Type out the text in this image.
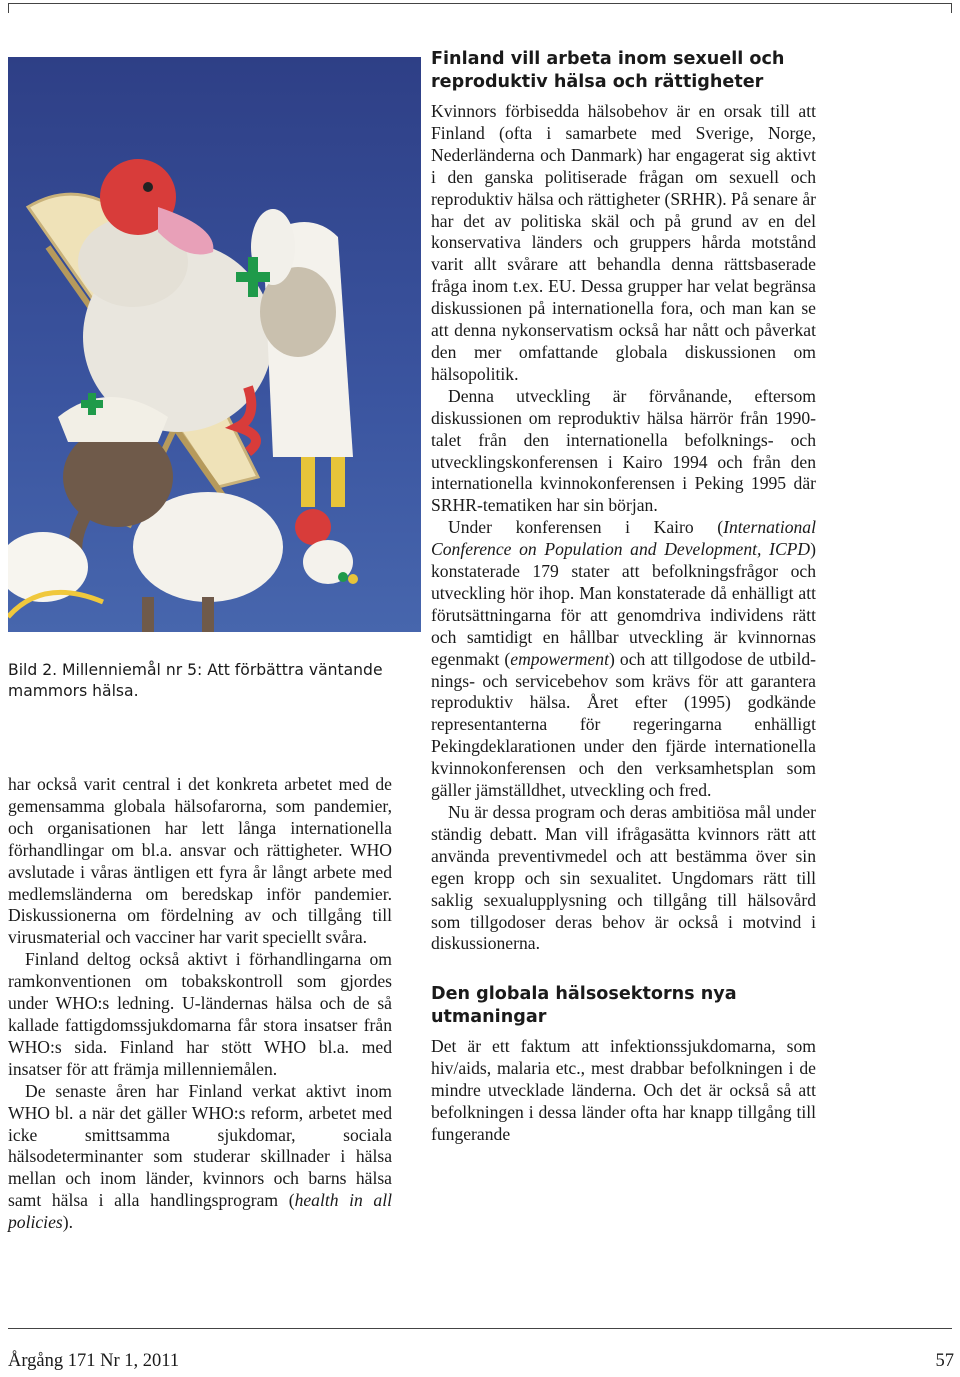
Bild 2. Millenniemål nr 5: Att förbättra väntande mammors hälsa.

har också varit central i det konkreta arbetet med de gemensamma globala hälsofarorna, som pandemier, och organisationen har lett långa internationella förhandlingar om bl.a. ansvar och rättigheter. WHO avslutade i våras äntligen ett fyra år långt arbete med medlemsländerna om beredskap inför pandemier. Diskussionerna om fördelning av och tillgång till virusmaterial och vacciner har varit speciellt svåra.

Finland deltog också aktivt i förhandlingarna om ramkonventionen om tobakskontroll som gjordes under WHO:s ledning. U-ländernas hälsa och de så kallade fattigdomssjukdomarna får stora insatser från WHO:s sida. Finland har stött WHO bl.a. med insatser för att främja millenniemålen.

De senaste åren har Finland verkat aktivt inom WHO bl. a när det gäller WHO:s reform, arbetet med icke smittsamma sjukdomar, sociala hälsodeterminanter som studerar skillnader i hälsa mellan och inom länder, kvinnors och barns hälsa samt hälsa i alla handlingsprogram (health in all policies).

Finland vill arbeta inom sexuell och reproduktiv hälsa och rättigheter

Kvinnors förbisedda hälsobehov är en orsak till att Finland (ofta i samarbete med Sverige, Norge, Nederländerna och Danmark) har engagerat sig aktivt i den ganska politiserade frågan om sexuell och reproduktiv hälsa och rättigheter (SRHR). På senare år har det av politiska skäl och på grund av en del konservativa länders och gruppers hårda motstånd varit allt svårare att behandla denna rättsbaserade fråga inom t.ex. EU. Dessa grupper har velat begränsa diskussionen på internationella fora, och man kan se att denna nykonservatism också har nått och påverkat den mer omfattande globala diskussionen om hälsopolitik.

Denna utveckling är förvånande, eftersom diskussionen om reproduktiv hälsa härrör från 1990-talet från den internationella befolknings- och utvecklingskonferensen i Kairo 1994 och från den internationella kvinnokonferensen i Peking 1995 där SRHR-tematiken har sin början.

Under konferensen i Kairo (International Conference on Population and Development, ICPD) konstaterade 179 stater att befolkningsfrågor och utveckling hör ihop. Man konstaterade då enhälligt att förutsättningarna för att genomdriva individens rätt och samtidigt en hållbar utveckling är kvinnornas egenmakt (empowerment) och att tillgodose de utbildnings- och servicebehov som krävs för att garantera reproduktiv hälsa. Året efter (1995) godkände representanterna för regeringarna enhälligt Pekingdeklarationen under den fjärde internationella kvinnokonferensen och den verksamhetsplan som gäller jämställdhet, utveckling och fred.

Nu är dessa program och deras ambitiösa mål under ständig debatt. Man vill ifrågasätta kvinnors rätt att använda preventivmedel och att bestämma över sin egen kropp och sin sexualitet. Ungdomars rätt till saklig sexualupplysning och tillgång till hälsovård som tillgodoser deras behov är också i motvind i diskussionerna.

Den globala hälsosektorns nya utmaningar

Det är ett faktum att infektionssjukdomarna, som hiv/aids, malaria etc., mest drabbar befolkningen i de mindre utvecklade länderna. Och det är också så att befolkningen i dessa länder ofta har knapp tillgång till fungerande

Årgång 171 Nr 1, 2011	57
